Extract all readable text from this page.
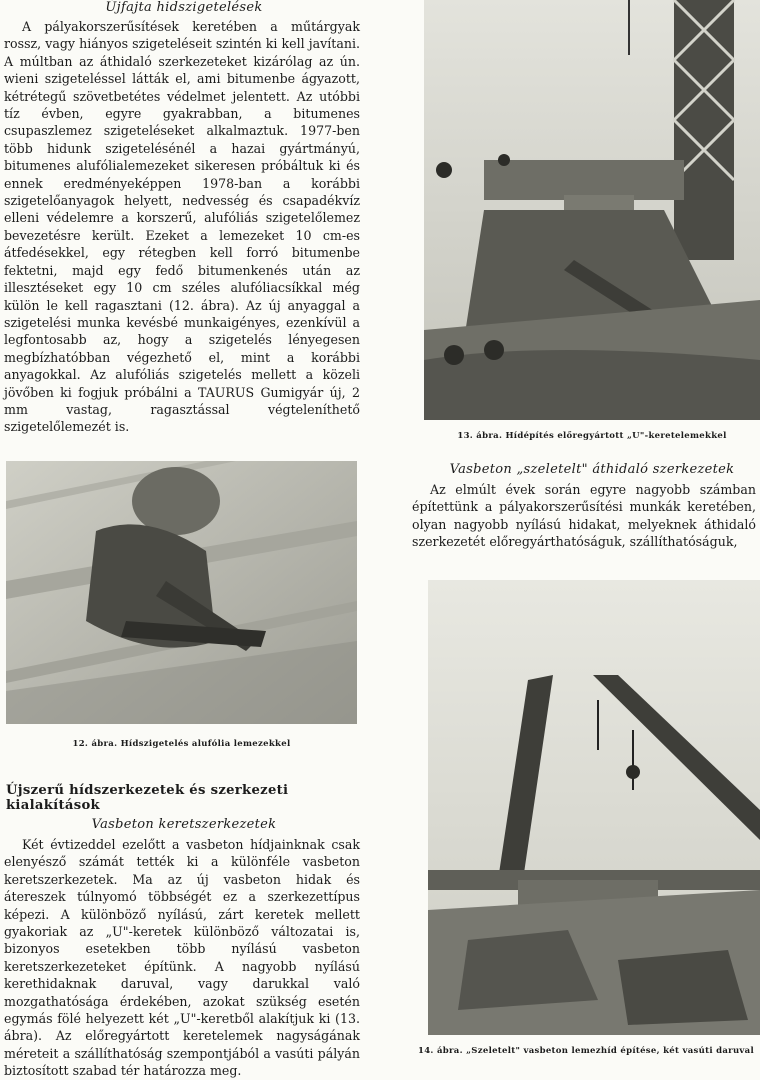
Újfajta hidszigetelések

A pályakorszerűsítések keretében a műtárgyak rossz, vagy hiányos szigeteléseit szintén ki kell javítani. A múltban az áthidaló szerkezeteket kizárólag az ún. wieni szigeteléssel látták el, ami bitumenbe ágyazott, kétrétegű szövetbetétes védelmet jelentett. Az utóbbi tíz évben, egyre gyakrabban, a bitumenes csupaszlemez szigeteléseket alkalmaztuk. 1977-ben több hidunk szigetelésénél a hazai gyártmányú, bitumenes alufólialemezeket sikeresen próbáltuk ki és ennek eredményeképpen 1978-ban a korábbi szigetelőanyagok helyett, nedvesség és csapadékvíz elleni védelemre a korszerű, alufóliás szigetelőlemez bevezetésre került. Ezeket a lemezeket 10 cm-es átfedésekkel, egy rétegben kell forró bitumenbe fektetni, majd egy fedő bitumenkenés után az illesztéseket egy 10 cm széles alufóliacsíkkal még külön le kell ragasztani (12. ábra). Az új anyaggal a szigetelési munka kevésbé munkaigényes, ezenkívül a legfontosabb az, hogy a szigetelés lényegesen megbízhatóbban végezhető el, mint a korábbi anyagokkal. Az alufóliás szigetelés mellett a közeli jövőben ki fogjuk próbálni a TAURUS Gumigyár új, 2 mm vastag, ragasztással végteleníthető szigetelőlemezét is.

12. ábra. Hídszigetelés alufólia lemezekkel
Újszerű hídszerkezetek és szerkezeti kialakítások
Vasbeton keretszerkezetek

Két évtizeddel ezelőtt a vasbeton hídjainknak csak elenyésző számát tették ki a különféle vasbeton keretszerkezetek. Ma az új vasbeton hidak és átereszek túlnyomó többségét ez a szerkezettípus képezi. A különböző nyílású, zárt keretek mellett gyakoriak az „U"-keretek különböző változatai is, bizonyos esetekben több nyílású vasbeton keretszerkezeteket építünk. A nagyobb nyílású kerethidaknak daruval, vagy darukkal való mozgathatósága érdekében, azokat szükség esetén egymás fölé helyezett két „U"-keretből alakítjuk ki (13. ábra). Az előregyártott keretelemek nagyságának méreteit a szállíthatóság szempontjából a vasúti pályán biztosított szabad tér határozza meg.

13. ábra. Hídépítés előregyártott „U"-keretelemekkel
Vasbeton „szeletelt" áthidaló szerkezetek

Az elmúlt évek során egyre nagyobb számban építettünk a pályakorszerűsítési munkák keretében, olyan nagyobb nyílású hidakat, melyeknek áthidaló szerkezetét előregyárthatóságuk, szállíthatóságuk,

14. ábra. „Szeletelt" vasbeton lemezhíd építése, két vasúti daruval
